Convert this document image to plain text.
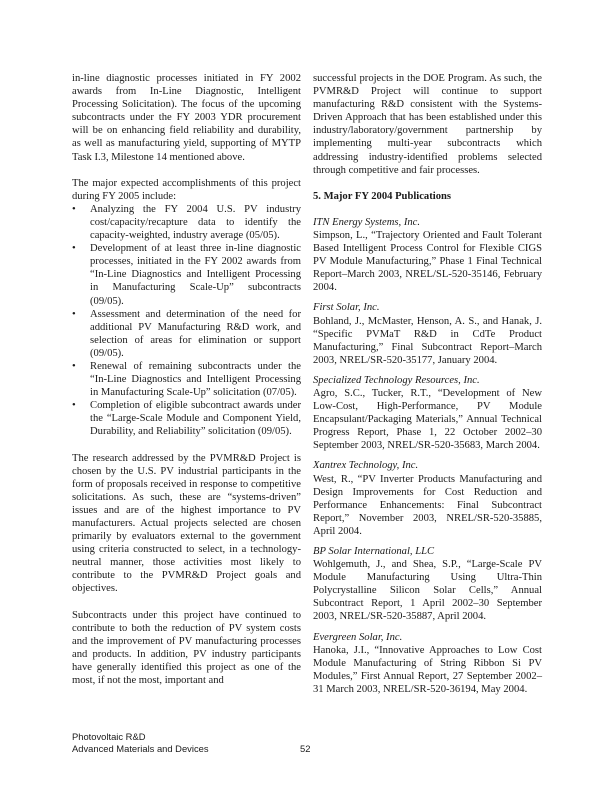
in-line diagnostic processes initiated in FY 2002 awards from In-Line Diagnostic, Intelligent Processing Solicitation). The focus of the upcoming subcontracts under the FY 2003 YDR procurement will be on enhancing field reliability and durability, as well as manufacturing yield, supporting of MYTP Task I.3, Milestone 14 mentioned above.

The major expected accomplishments of this project during FY 2005 include:

• Analyzing the FY 2004 U.S. PV industry cost/capacity/recapture data to identify the capacity-weighted, industry average (05/05).
• Development of at least three in-line diagnostic processes, initiated in the FY 2002 awards from “In-Line Diagnostics and Intelligent Processing in Manufacturing Scale-Up” subcontracts (09/05).
• Assessment and determination of the need for additional PV Manufacturing R&D work, and selection of areas for elimination or support (09/05).
• Renewal of remaining subcontracts under the “In-Line Diagnostics and Intelligent Processing in Manufacturing Scale-Up” solicitation (07/05).
• Completion of eligible subcontract awards under the “Large-Scale Module and Component Yield, Durability, and Reliability” solicitation (09/05).

The research addressed by the PVMR&D Project is chosen by the U.S. PV industrial participants in the form of proposals received in response to competitive solicitations. As such, these are “systems-driven” issues and are of the highest importance to PV manufacturers. Actual projects selected are chosen primarily by evaluators external to the government using criteria constructed to select, in a technology-neutral manner, those activities most likely to contribute to the PVMR&D Project goals and objectives.

Subcontracts under this project have continued to contribute to both the reduction of PV system costs and the improvement of PV manufacturing processes and products. In addition, PV industry participants have generally identified this project as one of the most, if not the most, important and

successful projects in the DOE Program. As such, the PVMR&D Project will continue to support manufacturing R&D consistent with the Systems-Driven Approach that has been established under this industry/laboratory/government partnership by implementing multi-year subcontracts which addressing industry-identified problems selected through competitive and fair processes.

5. Major FY 2004 Publications

ITN Energy Systems, Inc.

Simpson, L., “Trajectory Oriented and Fault Tolerant Based Intelligent Process Control for Flexible CIGS PV Module Manufacturing,” Phase 1 Final Technical Report–March 2003, NREL/SL-520-35146, February 2004.

First Solar, Inc.

Bohland, J., McMaster, Henson, A. S., and Hanak, J. “Specific PVMaT R&D in CdTe Product Manufacturing,” Final Subcontract Report–March 2003, NREL/SR-520-35177, January 2004.

Specialized Technology Resources, Inc.

Agro, S.C., Tucker, R.T., “Development of New Low-Cost, High-Performance, PV Module Encapsulant/Packaging Materials,” Annual Technical Progress Report, Phase 1, 22 October 2002–30 September 2003, NREL/SR-520-35683, March 2004.

Xantrex Technology, Inc.

West, R., “PV Inverter Products Manufacturing and Design Improvements for Cost Reduction and Performance Enhancements: Final Subcontract Report,” November 2003, NREL/SR-520-35885, April 2004.

BP Solar International, LLC

Wohlgemuth, J., and Shea, S.P., “Large-Scale PV Module Manufacturing Using Ultra-Thin Polycrystalline Silicon Solar Cells,” Annual Subcontract Report, 1 April 2002–30 September 2003, NREL/SR-520-35887, April 2004.

Evergreen Solar, Inc.

Hanoka, J.I., “Innovative Approaches to Low Cost Module Manufacturing of String Ribbon Si PV Modules,” First Annual Report, 27 September 2002–31 March 2003, NREL/SR-520-36194, May 2004.

Photovoltaic R&D
Advanced Materials and Devices	52
